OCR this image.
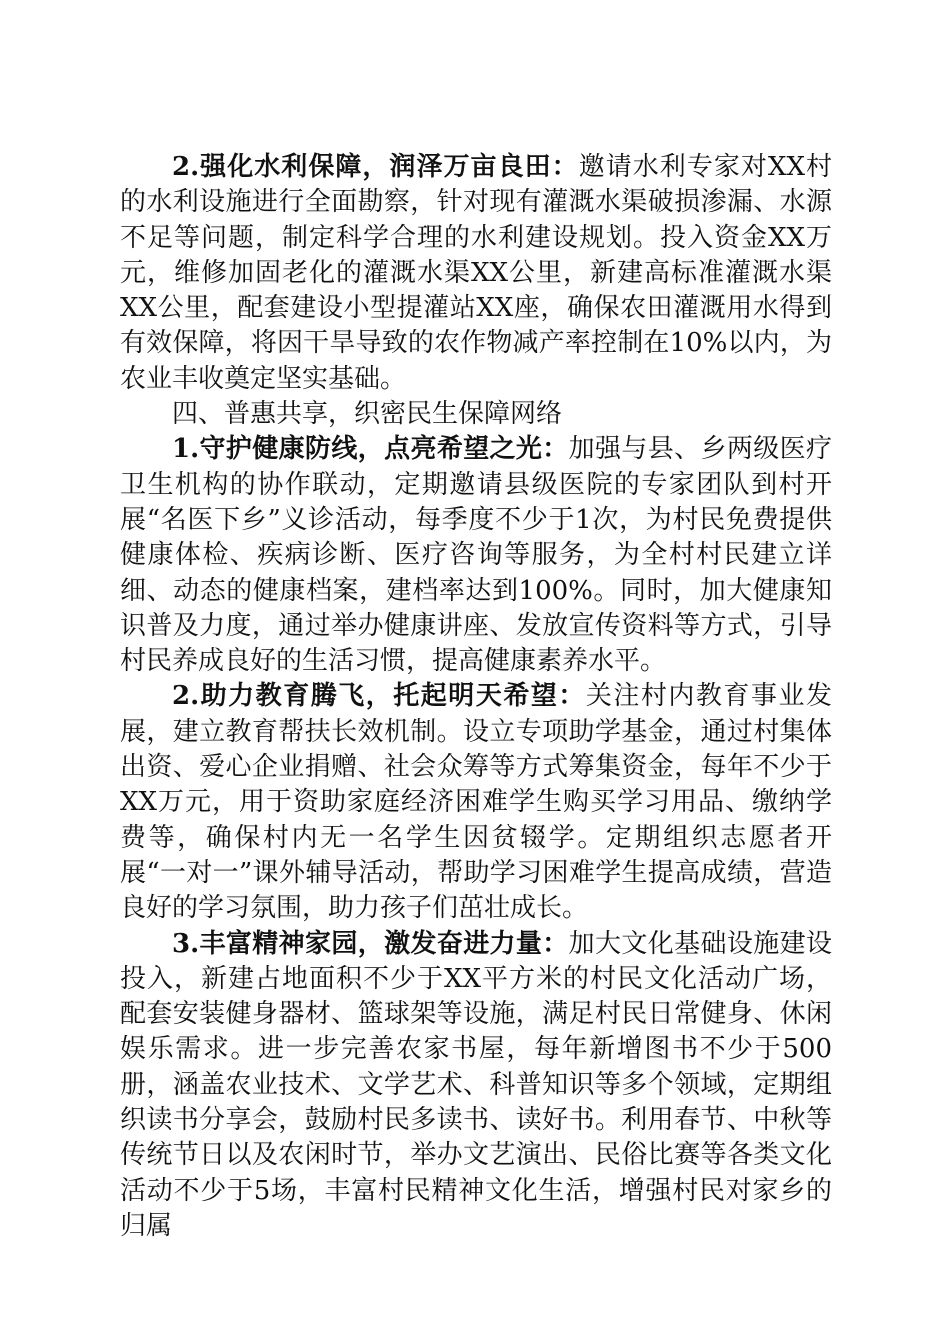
2.强化水利保障，润泽万亩良田：邀请水利专家对XX村的水利设施进行全面勘察，针对现有灌溉水渠破损渗漏、水源不足等问题，制定科学合理的水利建设规划。投入资金XX万元，维修加固老化的灌溉水渠XX公里，新建高标准灌溉水渠XX公里，配套建设小型提灌站XX座，确保农田灌溉用水得到有效保障，将因干旱导致的农作物减产率控制在10%以内，为农业丰收奠定坚实基础。

四、普惠共享，织密民生保障网络

1.守护健康防线，点亮希望之光：加强与县、乡两级医疗卫生机构的协作联动，定期邀请县级医院的专家团队到村开展“名医下乡”义诊活动，每季度不少于1次，为村民免费提供健康体检、疾病诊断、医疗咨询等服务，为全村村民建立详细、动态的健康档案，建档率达到100%。同时，加大健康知识普及力度，通过举办健康讲座、发放宣传资料等方式，引导村民养成良好的生活习惯，提高健康素养水平。

2.助力教育腾飞，托起明天希望：关注村内教育事业发展，建立教育帮扶长效机制。设立专项助学基金，通过村集体出资、爱心企业捐赠、社会众筹等方式筹集资金，每年不少于XX万元，用于资助家庭经济困难学生购买学习用品、缴纳学费等，确保村内无一名学生因贫辍学。定期组织志愿者开展“一对一”课外辅导活动，帮助学习困难学生提高成绩，营造良好的学习氛围，助力孩子们茁壮成长。

3.丰富精神家园，激发奋进力量：加大文化基础设施建设投入，新建占地面积不少于XX平方米的村民文化活动广场，配套安装健身器材、篮球架等设施，满足村民日常健身、休闲娱乐需求。进一步完善农家书屋，每年新增图书不少于500册，涵盖农业技术、文学艺术、科普知识等多个领域，定期组织读书分享会，鼓励村民多读书、读好书。利用春节、中秋等传统节日以及农闲时节，举办文艺演出、民俗比赛等各类文化活动不少于5场，丰富村民精神文化生活，增强村民对家乡的归属
